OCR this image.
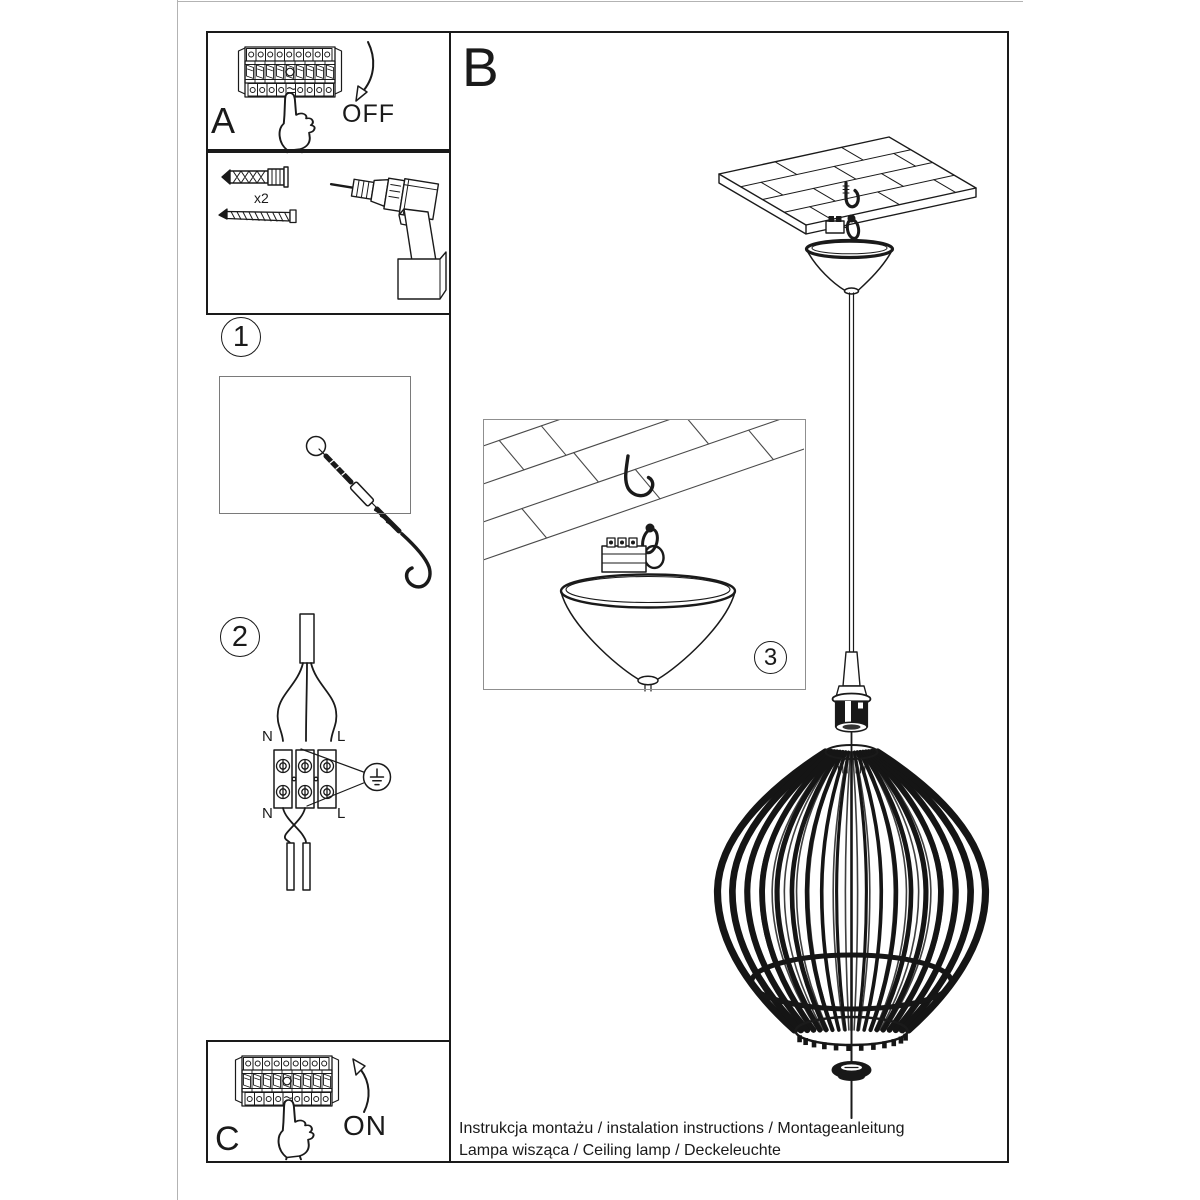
A
B
C
OFF
ON
x2
N	L
N	L
1
2
3
Instrukcja montażu / instalation instructions / Montageanleitung
Lampa wisząca / Ceiling lamp / Deckeleuchte
